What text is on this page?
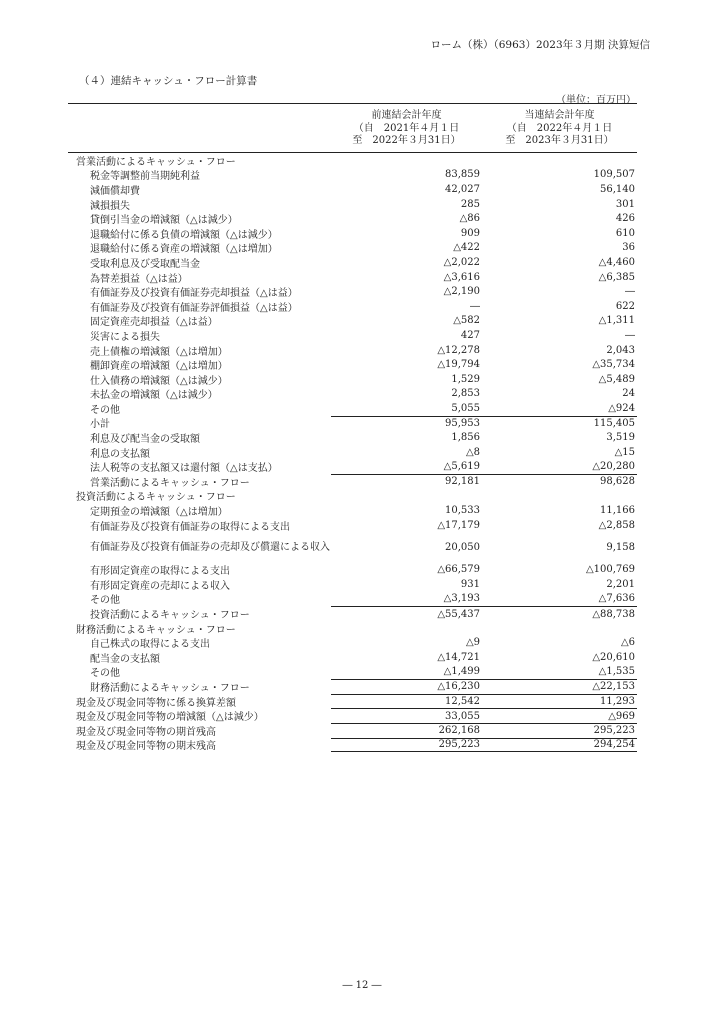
ローム（株）（6963）2023年３月期 決算短信
（４）連結キャッシュ・フロー計算書
（単位：百万円）
前連結会計年度
（自　2021年４月１日
至　2022年３月31日）
当連結会計年度
（自　2022年４月１日
至　2023年３月31日）
営業活動によるキャッシュ・フロー
税金等調整前当期純利益	83,859	109,507
減価償却費	42,027	56,140
減損損失	285	301
貸倒引当金の増減額（△は減少）	△86	426
退職給付に係る負債の増減額（△は減少）	909	610
退職給付に係る資産の増減額（△は増加）	△422	36
受取利息及び受取配当金	△2,022	△4,460
為替差損益（△は益）	△3,616	△6,385
有価証券及び投資有価証券売却損益（△は益）	△2,190	―
有価証券及び投資有価証券評価損益（△は益）	―	622
固定資産売却損益（△は益）	△582	△1,311
災害による損失	427	―
売上債権の増減額（△は増加）	△12,278	2,043
棚卸資産の増減額（△は増加）	△19,794	△35,734
仕入債務の増減額（△は減少）	1,529	△5,489
未払金の増減額（△は減少）	2,853	24
その他	5,055	△924
小計	95,953	115,405
利息及び配当金の受取額	1,856	3,519
利息の支払額	△8	△15
法人税等の支払額又は還付額（△は支払）	△5,619	△20,280
営業活動によるキャッシュ・フロー	92,181	98,628
投資活動によるキャッシュ・フロー
定期預金の増減額（△は増加）	10,533	11,166
有価証券及び投資有価証券の取得による支出	△17,179	△2,858
有価証券及び投資有価証券の売却及び償還による収入	20,050	9,158
有形固定資産の取得による支出	△66,579	△100,769
有形固定資産の売却による収入	931	2,201
その他	△3,193	△7,636
投資活動によるキャッシュ・フロー	△55,437	△88,738
財務活動によるキャッシュ・フロー
自己株式の取得による支出	△9	△6
配当金の支払額	△14,721	△20,610
その他	△1,499	△1,535
財務活動によるキャッシュ・フロー	△16,230	△22,153
現金及び現金同等物に係る換算差額	12,542	11,293
現金及び現金同等物の増減額（△は減少）	33,055	△969
現金及び現金同等物の期首残高	262,168	295,223
現金及び現金同等物の期末残高	295,223	294,254
― 12 ―
